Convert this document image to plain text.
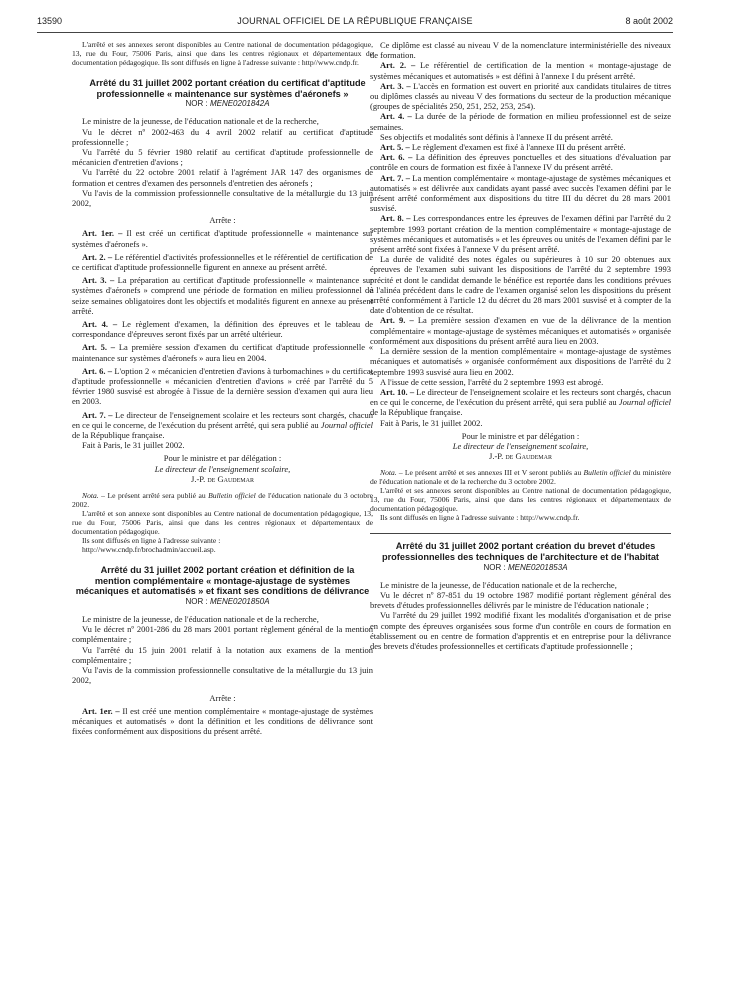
13590	JOURNAL OFFICIEL DE LA RÉPUBLIQUE FRANÇAISE	8 août 2002

L'arrêté et ses annexes seront disponibles au Centre national de documentation pédagogique, 13, rue du Four, 75006 Paris, ainsi que dans les centres régionaux et départementaux de documentation pédagogique. Ils sont diffusés en ligne à l'adresse suivante : http//www.cndp.fr.

Arrêté du 31 juillet 2002 portant création du certificat d'aptitude professionnelle « maintenance sur systèmes d'aéronefs »

NOR : MENE0201842A

Le ministre de la jeunesse, de l'éducation nationale et de la recherche,

Vu le décret nº 2002-463 du 4 avril 2002 relatif au certificat d'aptitude professionnelle ;

Vu l'arrêté du 5 février 1980 relatif au certificat d'aptitude professionnelle de mécanicien d'entretien d'avions ;

Vu l'arrêté du 22 octobre 2001 relatif à l'agrément JAR 147 des organismes de formation et centres d'examen des personnels d'entretien des aéronefs ;

Vu l'avis de la commission professionnelle consultative de la métallurgie du 13 juin 2002,

Arrête :

Art. 1er. – Il est créé un certificat d'aptitude professionnelle « maintenance sur systèmes d'aéronefs ».

Art. 2. – Le référentiel d'activités professionnelles et le référentiel de certification de ce certificat d'aptitude professionnelle figurent en annexe au présent arrêté.

Art. 3. – La préparation au certificat d'aptitude professionnelle « maintenance sur systèmes d'aéronefs » comprend une période de formation en milieu professionnel de seize semaines obligatoires dont les objectifs et modalités figurent en annexe au présent arrêté.

Art. 4. – Le règlement d'examen, la définition des épreuves et le tableau de correspondance d'épreuves seront fixés par un arrêté ultérieur.

Art. 5. – La première session d'examen du certificat d'aptitude professionnelle « maintenance sur systèmes d'aéronefs » aura lieu en 2004.

Art. 6. – L'option 2 « mécanicien d'entretien d'avions à turbomachines » du certificat d'aptitude professionnelle « mécanicien d'entretien d'avions » créé par l'arrêté du 5 février 1980 susvisé est abrogée à l'issue de la dernière session d'examen qui aura lieu en 2003.

Art. 7. – Le directeur de l'enseignement scolaire et les recteurs sont chargés, chacun en ce qui le concerne, de l'exécution du présent arrêté, qui sera publié au Journal officiel de la République française.

Fait à Paris, le 31 juillet 2002.

Pour le ministre et par délégation :

Le directeur de l'enseignement scolaire,

J.-P. de Gaudemar

Nota. – Le présent arrêté sera publié au Bulletin officiel de l'éducation nationale du 3 octobre 2002.

L'arrêté et son annexe sont disponibles au Centre national de documentation pédagogique, 13, rue du Four, 75006 Paris, ainsi que dans les centres régionaux et départementaux de documentation pédagogique.

Ils sont diffusés en ligne à l'adresse suivante :

http://www.cndp.fr/brochadmin/accueil.asp.

Arrêté du 31 juillet 2002 portant création et définition de la mention complémentaire « montage-ajustage de systèmes mécaniques et automatisés » et fixant ses conditions de délivrance

NOR : MENE0201850A

Le ministre de la jeunesse, de l'éducation nationale et de la recherche,

Vu le décret nº 2001-286 du 28 mars 2001 portant règlement général de la mention complémentaire ;

Vu l'arrêté du 15 juin 2001 relatif à la notation aux examens de la mention complémentaire ;

Vu l'avis de la commission professionnelle consultative de la métallurgie du 13 juin 2002,

Arrête :

Art. 1er. – Il est créé une mention complémentaire « montage-ajustage de systèmes mécaniques et automatisés » dont la définition et les conditions de délivrance sont fixées conformément aux dispositions du présent arrêté.

Ce diplôme est classé au niveau V de la nomenclature interministérielle des niveaux de formation.

Art. 2. – Le référentiel de certification de la mention « montage-ajustage de systèmes mécaniques et automatisés » est défini à l'annexe I du présent arrêté.

Art. 3. – L'accès en formation est ouvert en priorité aux candidats titulaires de titres ou diplômes classés au niveau V des formations du secteur de la production mécanique (groupes de spécialités 250, 251, 252, 253, 254).

Art. 4. – La durée de la période de formation en milieu professionnel est de seize semaines.

Ses objectifs et modalités sont définis à l'annexe II du présent arrêté.

Art. 5. – Le règlement d'examen est fixé à l'annexe III du présent arrêté.

Art. 6. – La définition des épreuves ponctuelles et des situations d'évaluation par contrôle en cours de formation est fixée à l'annexe IV du présent arrêté.

Art. 7. – La mention complémentaire « montage-ajustage de systèmes mécaniques et automatisés » est délivrée aux candidats ayant passé avec succès l'examen défini par le présent arrêté conformément aux dispositions du titre III du décret du 28 mars 2001 susvisé.

Art. 8. – Les correspondances entre les épreuves de l'examen défini par l'arrêté du 2 septembre 1993 portant création de la mention complémentaire « montage-ajustage de systèmes mécaniques et automatisés » et les épreuves ou unités de l'examen défini par le présent arrêté sont fixées à l'annexe V du présent arrêté.

La durée de validité des notes égales ou supérieures à 10 sur 20 obtenues aux épreuves de l'examen subi suivant les dispositions de l'arrêté du 2 septembre 1993 précité et dont le candidat demande le bénéfice est reportée dans les conditions prévues à l'alinéa précédent dans le cadre de l'examen organisé selon les dispositions du présent arrêté conformément à l'article 12 du décret du 28 mars 2001 susvisé et à compter de la date d'obtention de ce résultat.

Art. 9. – La première session d'examen en vue de la délivrance de la mention complémentaire « montage-ajustage de systèmes mécaniques et automatisés » organisée conformément aux dispositions du présent arrêté aura lieu en 2003.

La dernière session de la mention complémentaire « montage-ajustage de systèmes mécaniques et automatisés » organisée conformément aux dispositions de l'arrêté du 2 septembre 1993 susvisé aura lieu en 2002.

A l'issue de cette session, l'arrêté du 2 septembre 1993 est abrogé.

Art. 10. – Le directeur de l'enseignement scolaire et les recteurs sont chargés, chacun en ce qui le concerne, de l'exécution du présent arrêté, qui sera publié au Journal officiel de la République française.

Fait à Paris, le 31 juillet 2002.

Pour le ministre et par délégation :

Le directeur de l'enseignement scolaire,

J.-P. de Gaudemar

Nota. – Le présent arrêté et ses annexes III et V seront publiés au Bulletin officiel du ministère de l'éducation nationale et de la recherche du 3 octobre 2002.

L'arrêté et ses annexes seront disponibles au Centre national de documentation pédagogique, 13, rue du Four, 75006 Paris, ainsi que dans les centres régionaux et départementaux de documentation pédagogique.

Ils sont diffusés en ligne à l'adresse suivante : http://www.cndp.fr.

Arrêté du 31 juillet 2002 portant création du brevet d'études professionnelles des techniques de l'architecture et de l'habitat

NOR : MENE0201853A

Le ministre de la jeunesse, de l'éducation nationale et de la recherche,

Vu le décret nº 87-851 du 19 octobre 1987 modifié portant règlement général des brevets d'études professionnelles délivrés par le ministre de l'éducation nationale ;

Vu l'arrêté du 29 juillet 1992 modifié fixant les modalités d'organisation et de prise en compte des épreuves organisées sous forme d'un contrôle en cours de formation en établissement ou en centre de formation d'apprentis et en entreprise pour la délivrance des brevets d'études professionnelles et certificats d'aptitude professionnelle ;
